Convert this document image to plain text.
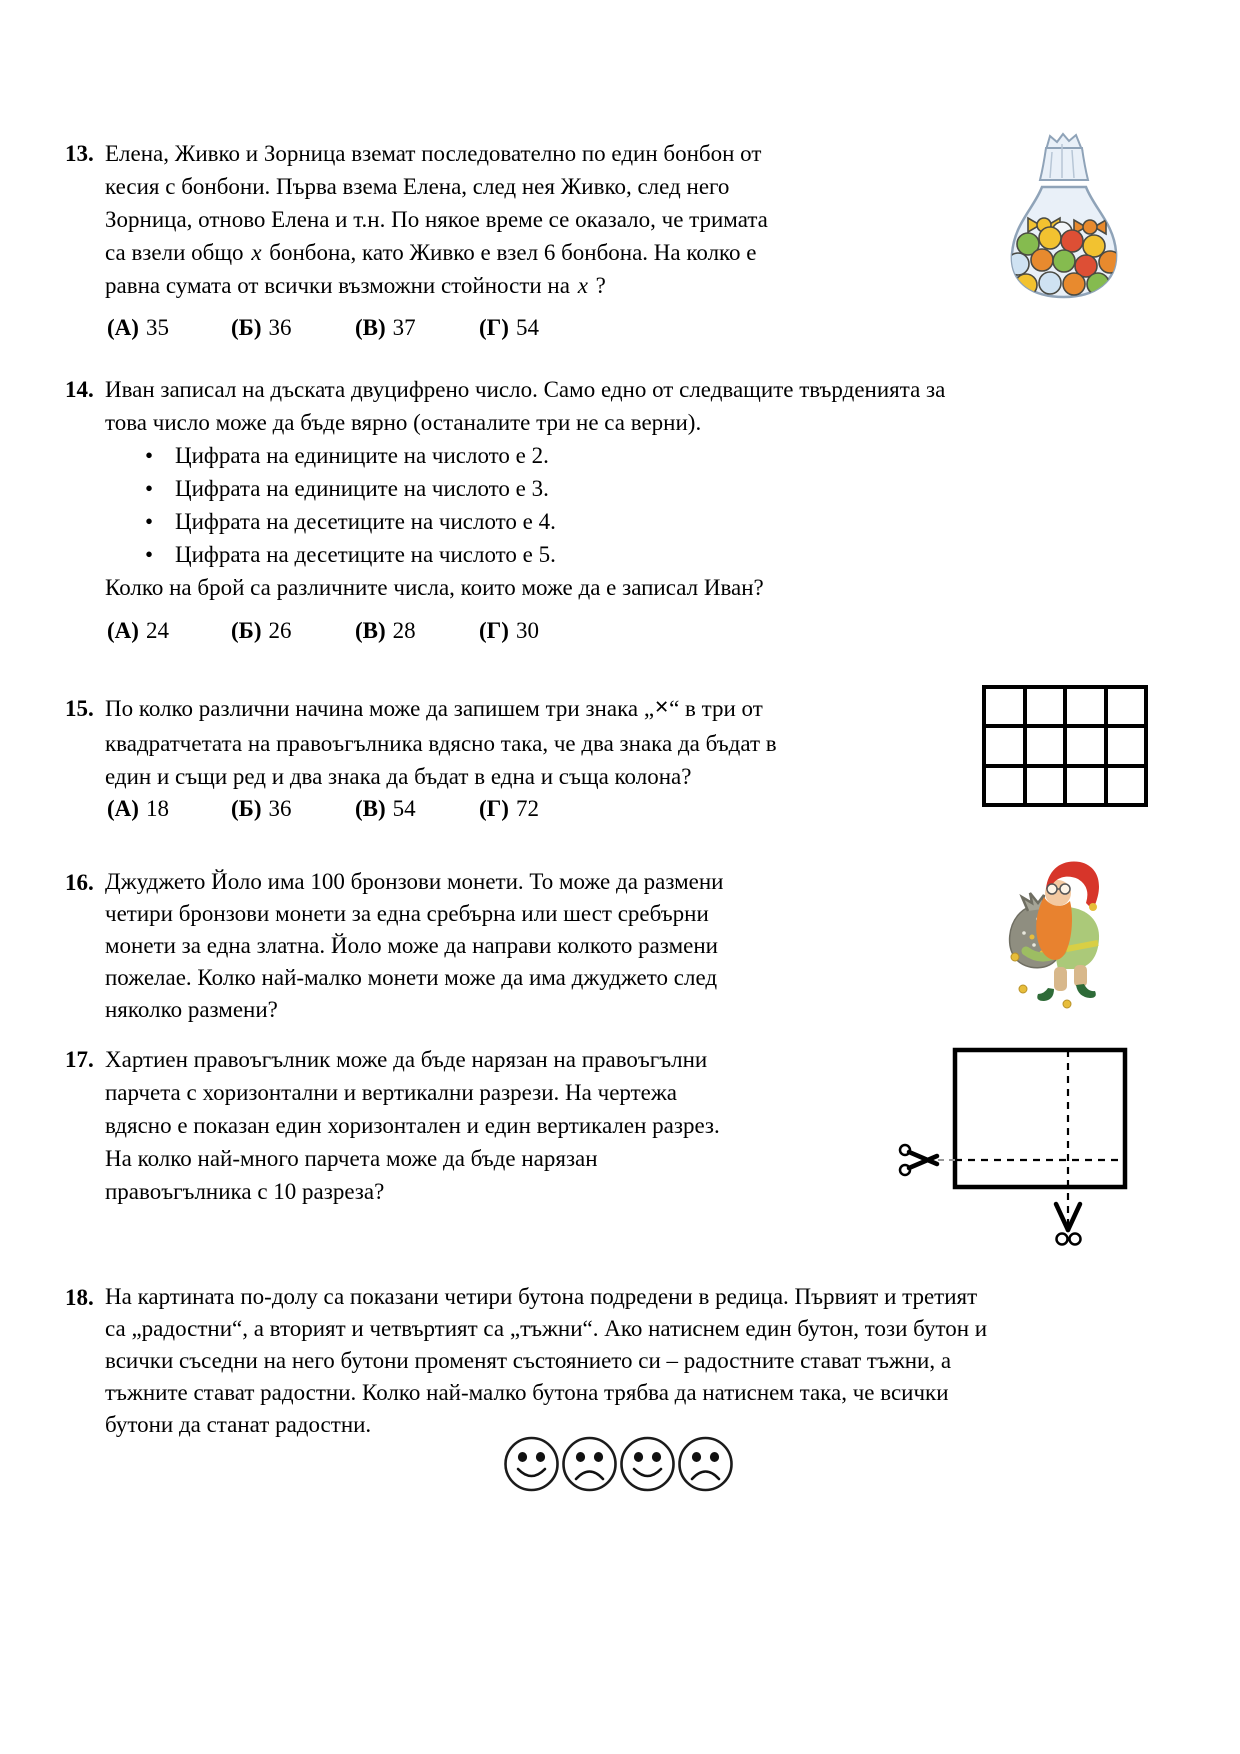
13. Елена, Живко и Зорница вземат последователно по един бонбон от
кесия с бонбони. Първа взема Елена, след нея Живко, след него
Зорница, отново Елена и т.н. По някое време се оказало, че тримата
са взели общо x бонбона, като Живко е взел 6 бонбона. На колко е
равна сумата от всички възможни стойности на x ?
(А) 35	(Б) 36	(В) 37	(Г) 54
14. Иван записал на дъската двуцифрено число. Само едно от следващите твърденията за
това число може да бъде вярно (останалите три не са верни).
• Цифрата на единиците на числото е 2.
• Цифрата на единиците на числото е 3.
• Цифрата на десетиците на числото е 4.
• Цифрата на десетиците на числото е 5.
Колко на брой са различните числа, които може да е записал Иван?
(А) 24	(Б) 26	(В) 28	(Г) 30
15. По колко различни начина може да запишем три знака „✕“ в три от
квадратчетата на правоъгълника вдясно така, че два знака да бъдат в
един и същи ред и два знака да бъдат в една и съща колона?
(А) 18	(Б) 36	(В) 54	(Г) 72
16. Джуджето Йоло има 100 бронзови монети. То може да размени
четири бронзови монети за една сребърна или шест сребърни
монети за една златна. Йоло може да направи колкото размени
пожелае. Колко най-малко монети може да има джуджето след
няколко размени?
17. Хартиен правоъгълник може да бъде нарязан на правоъгълни
парчета с хоризонтални и вертикални разрези. На чертежа
вдясно е показан един хоризонтален и един вертикален разрез.
На колко най-много парчета може да бъде нарязан
правоъгълника с 10 разреза?
18. На картината по-долу са показани четири бутона подредени в редица. Първият и третият
са „радостни“, а вторият и четвъртият са „тъжни“. Ако натиснем един бутон, този бутон и
всички съседни на него бутони променят състоянието си – радостните стават тъжни, а
тъжните стават радостни. Колко най-малко бутона трябва да натиснем така, че всички
бутони да станат радостни.
